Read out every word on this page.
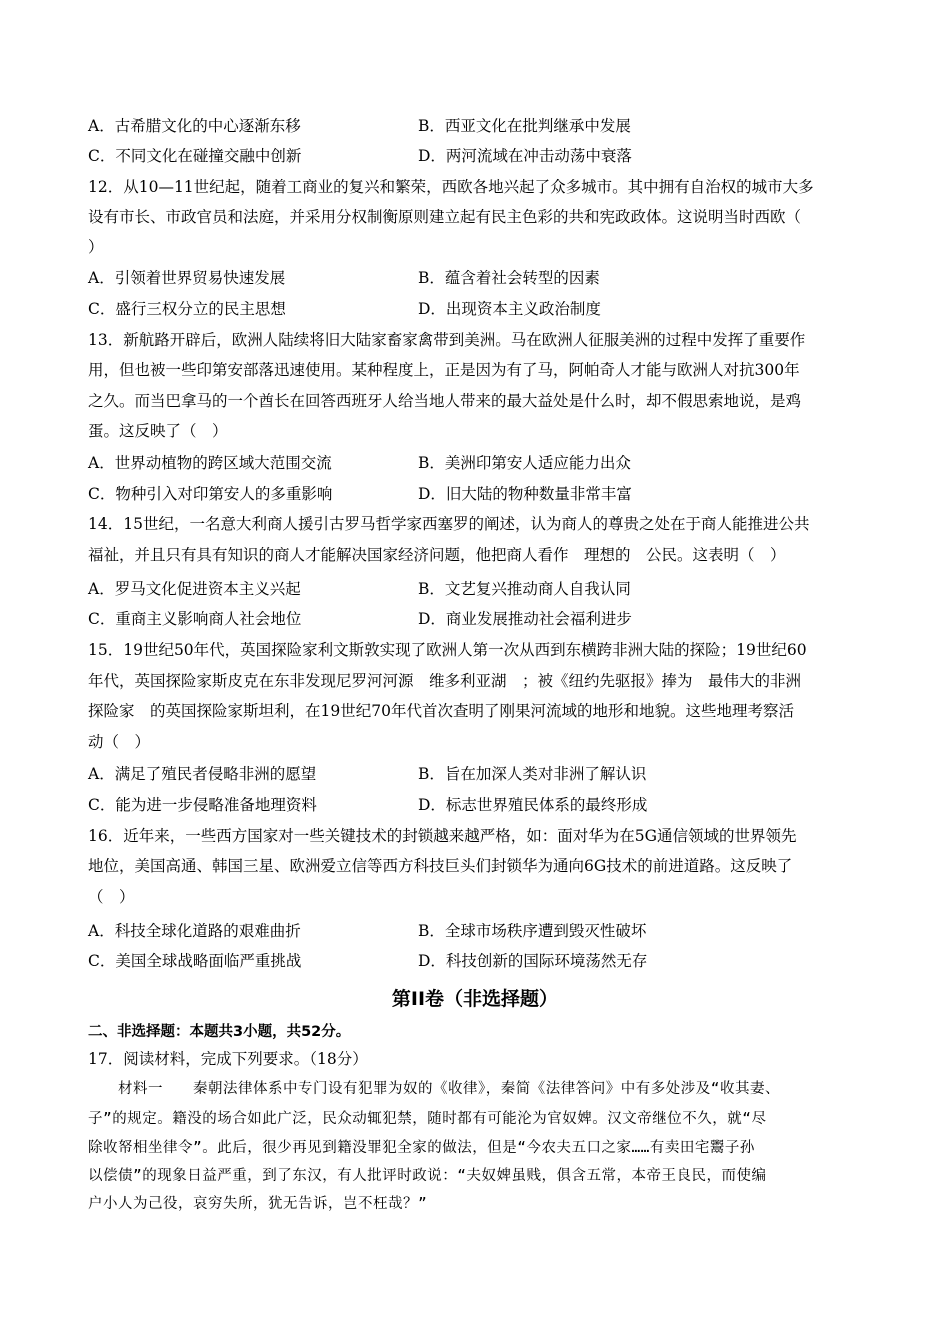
A．古希腊文化的中心逐渐东移	B．西亚文化在批判继承中发展
C．不同文化在碰撞交融中创新	D．两河流域在冲击动荡中衰落
12．从10—11世纪起，随着工商业的复兴和繁荣，西欧各地兴起了众多城市。其中拥有自治权的城市大多
设有市长、市政官员和法庭，并采用分权制衡原则建立起有民主色彩的共和宪政政体。这说明当时西欧（
）
A．引领着世界贸易快速发展	B．蕴含着社会转型的因素
C．盛行三权分立的民主思想	D．出现资本主义政治制度
13．新航路开辟后，欧洲人陆续将旧大陆家畜家禽带到美洲。马在欧洲人征服美洲的过程中发挥了重要作
用，但也被一些印第安部落迅速使用。某种程度上，正是因为有了马，阿帕奇人才能与欧洲人对抗300年
之久。而当巴拿马的一个酋长在回答西班牙人给当地人带来的最大益处是什么时，却不假思索地说，是鸡
蛋。这反映了（　）
A．世界动植物的跨区域大范围交流	B．美洲印第安人适应能力出众
C．物种引入对印第安人的多重影响	D．旧大陆的物种数量非常丰富
14．15世纪，一名意大利商人援引古罗马哲学家西塞罗的阐述，认为商人的尊贵之处在于商人能推进公共
福祉，并且只有具有知识的商人才能解决国家经济问题，他把商人看作　理想的　公民。这表明（　）
A．罗马文化促进资本主义兴起	B．文艺复兴推动商人自我认同
C．重商主义影响商人社会地位	D．商业发展推动社会福利进步
15．19世纪50年代，英国探险家利文斯敦实现了欧洲人第一次从西到东横跨非洲大陆的探险；19世纪60
年代，英国探险家斯皮克在东非发现尼罗河河源　维多利亚湖　；被《纽约先驱报》捧为　最伟大的非洲
探险家　的英国探险家斯坦利，在19世纪70年代首次查明了刚果河流域的地形和地貌。这些地理考察活
动（　）
A．满足了殖民者侵略非洲的愿望	B．旨在加深人类对非洲了解认识
C．能为进一步侵略准备地理资料	D．标志世界殖民体系的最终形成
16．近年来，一些西方国家对一些关键技术的封锁越来越严格，如：面对华为在5G通信领域的世界领先
地位，美国高通、韩国三星、欧洲爱立信等西方科技巨头们封锁华为通向6G技术的前进道路。这反映了
（　）
A．科技全球化道路的艰难曲折	B．全球市场秩序遭到毁灭性破坏
C．美国全球战略面临严重挑战	D．科技创新的国际环境荡然无存
第II卷（非选择题）
二、非选择题：本题共3小题，共52分。
17．阅读材料，完成下列要求。（18分）
　　材料一　　秦朝法律体系中专门设有犯罪为奴的《收律》，秦简《法律答问》中有多处涉及“收其妻、
子”的规定。籍没的场合如此广泛，民众动辄犯禁，随时都有可能沦为官奴婢。汉文帝继位不久，就“尽
除收帑相坐律令”。此后，很少再见到籍没罪犯全家的做法，但是“今农夫五口之家……有卖田宅鬻子孙
以偿债”的现象日益严重，到了东汉，有人批评时政说：“夫奴婢虽贱，俱含五常，本帝王良民，而使编
户小人为己役，哀穷失所，犹无告诉，岂不枉哉？”
